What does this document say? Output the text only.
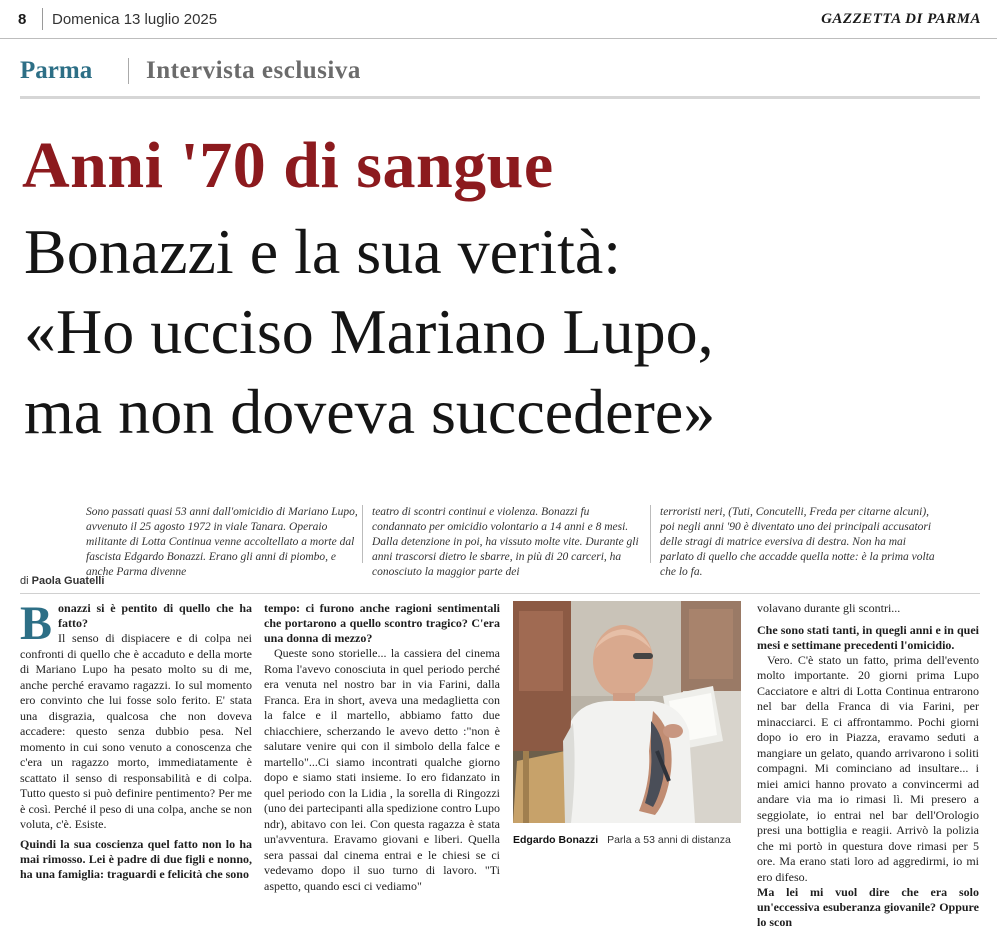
8 Domenica 13 luglio 2025	GAZZETTA DI PARMA
Parma Intervista esclusiva
Anni '70 di sangue
Bonazzi e la sua verità:
«Ho ucciso Mariano Lupo,
ma non doveva succedere»
Sono passati quasi 53 anni dall'omicidio di Mariano Lupo, avvenuto il 25 agosto 1972 in viale Tanara. Operaio militante di Lotta Continua venne accoltellato a morte dal fascista Edgardo Bonazzi. Erano gli anni di piombo, e anche Parma divenne
teatro di scontri continui e violenza. Bonazzi fu condannato per omicidio volontario a 14 anni e 8 mesi. Dalla detenzione in poi, ha vissuto molte vite. Durante gli anni trascorsi dietro le sbarre, in più di 20 carceri, ha conosciuto la maggior parte dei
terroristi neri, (Tuti, Concutelli, Freda per citarne alcuni), poi negli anni '90 è diventato uno dei principali accusatori delle stragi di matrice eversiva di destra. Non ha mai parlato di quello che accadde quella notte: è la prima volta che lo fa.
di Paola Guatelli
B onazzi si è pentito di quello che ha fatto?

Il senso di dispiacere e di colpa nei confronti di quello che è accaduto e della morte di Mariano Lupo ha pesato molto su di me, anche perché eravamo ragazzi. Io sul momento ero convinto che lui fosse solo ferito. E' stata una disgrazia, qualcosa che non doveva accadere: questo senza dubbio pesa. Nel momento in cui sono venuto a conoscenza che c'era un ragazzo morto, immediatamente è scattato il senso di responsabilità e di colpa. Tutto questo si può definire pentimento? Per me è così. Perché il peso di una colpa, anche se non voluta, c'è. Esiste.

Quindi la sua coscienza quel fatto non lo ha mai rimosso. Lei è padre di due figli e nonno, ha una famiglia: traguardi e felicità che sono

tempo: ci furono anche ragioni sentimentali che portarono a quello scontro tragico? C'era una donna di mezzo?

Queste sono storielle... la cassiera del cinema Roma l'avevo conosciuta in quel periodo perché era venuta nel nostro bar in via Farini, dalla Franca. Era in short, aveva una medaglietta con la falce e il martello, abbiamo fatto due chiacchiere, scherzando le avevo detto :"non è salutare venire qui con il simbolo della falce e martello"...Ci siamo incontrati qualche giorno dopo e siamo stati insieme. Io ero fidanzato in quel periodo con la Lidia , la sorella di Ringozzi (uno dei partecipanti alla spedizione contro Lupo ndr), abitavo con lei. Con questa ragazza è stata un'avventura. Eravamo giovani e liberi. Quella sera passai dal cinema entrai e le chiesi se ci vedevamo dopo il suo turno di lavoro. "Ti aspetto, quando esci ci vediamo"

Edgardo Bonazzi Parla a 53 anni di distanza

volavano durante gli scontri...

Che sono stati tanti, in quegli anni e in quei mesi e settimane precedenti l'omicidio.

Vero. C'è stato un fatto, prima dell'evento molto importante. 20 giorni prima Lupo Cacciatore e altri di Lotta Continua entrarono nel bar della Franca di via Farini, per minacciarci. E ci affrontammo. Pochi giorni dopo io ero in Piazza, eravamo seduti a mangiare un gelato, quando arrivarono i soliti compagni. Mi cominciano ad insultare... i miei amici hanno provato a convincermi ad andare via ma io rimasi lì. Mi presero a seggiolate, io entrai nel bar dell'Orologio presi una bottiglia e reagii. Arrivò la polizia che mi portò in questura dove rimasi per 5 ore. Ma erano stati loro ad aggredirmi, io mi ero difeso.

Ma lei mi vuol dire che era solo un'eccessiva esuberanza giovanile? Oppure lo scon
